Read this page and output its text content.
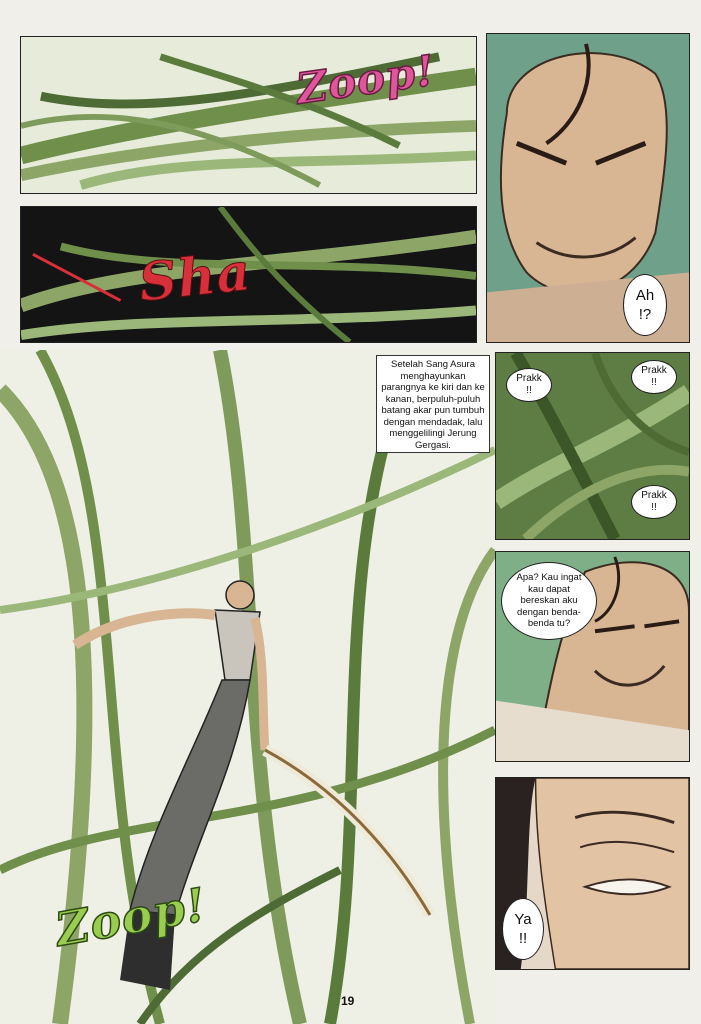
Zoop!
Sha	Ah !?
Setelah Sang Asura menghayunkan parangnya ke kiri dan ke kanan, berpuluh-puluh batang akar pun tumbuh dengan mendadak, lalu menggelilingi Jerung Gergasi.
Zoop!
Prakk !!
Prakk !!
Prakk !!
Apa? Kau ingat kau dapat bereskan aku dengan benda-benda tu?
Ya !!
19
